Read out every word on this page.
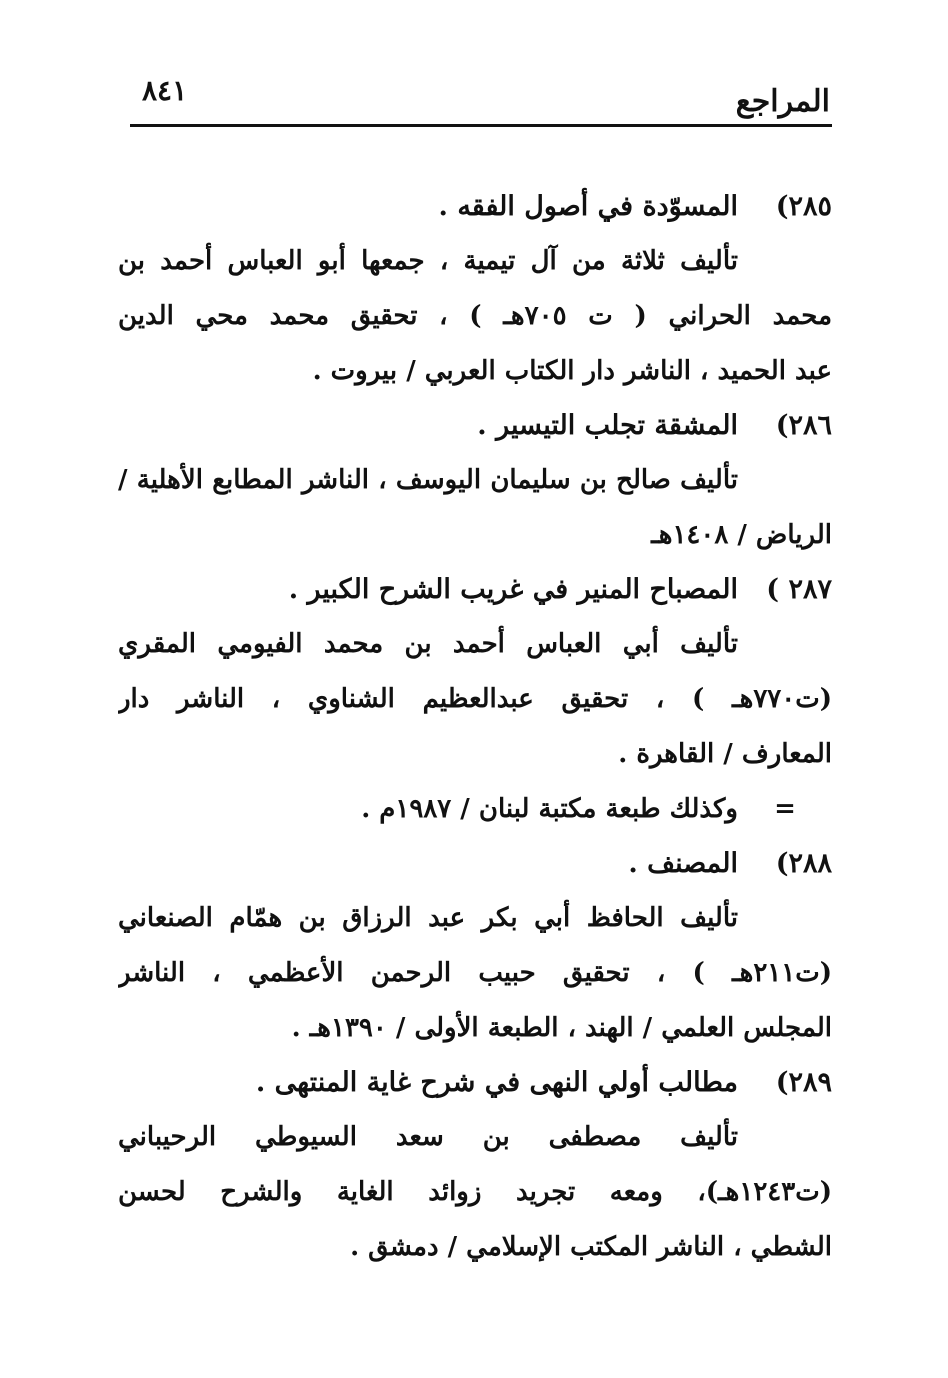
المراجع
٨٤١
٢٨٥)المسوّدة في أصول الفقه .
تأليف ثلاثة من آل تيمية ، جمعها أبو العباس أحمد بن
محمد الحراني ( ت ٧٠٥هـ ) ، تحقيق محمد محي الدين
عبد الحميد ، الناشر دار الكتاب العربي / بيروت .
٢٨٦)المشقة تجلب التيسير .
تأليف صالح بن سليمان اليوسف ، الناشر المطابع الأهلية /
الرياض / ١٤٠٨هـ
٢٨٧ )المصباح المنير في غريب الشرح الكبير .
تأليف أبي العباس أحمد بن محمد الفيومي المقري
(ت٧٧٠هـ ) ، تحقيق عبدالعظيم الشناوي ، الناشر دار
المعارف / القاهرة .
=وكذلك طبعة مكتبة لبنان / ١٩٨٧م .
٢٨٨)المصنف .
تأليف الحافظ أبي بكر عبد الرزاق بن همّام الصنعاني
(ت٢١١هـ ) ، تحقيق حبيب الرحمن الأعظمي ، الناشر
المجلس العلمي / الهند ، الطبعة الأولى / ١٣٩٠هـ .
٢٨٩)مطالب أولي النهى في شرح غاية المنتهى .
تأليف مصطفى بن سعد السيوطي الرحيباني
(ت١٢٤٣هـ)، ومعه تجريد زوائد الغاية والشرح لحسن
الشطي ، الناشر المكتب الإسلامي / دمشق .
